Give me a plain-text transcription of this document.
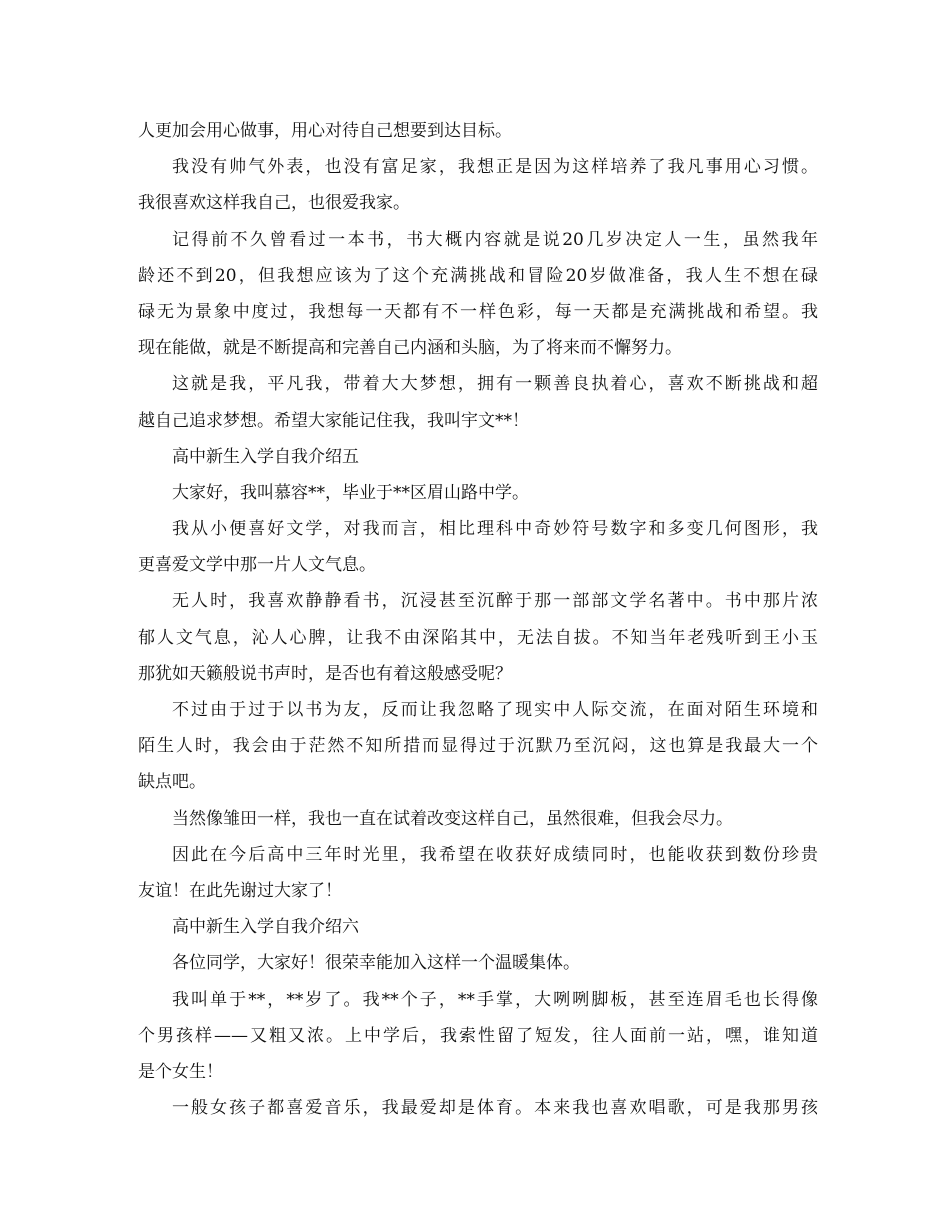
人更加会用心做事，用心对待自己想要到达目标。
我没有帅气外表，也没有富足家，我想正是因为这样培养了我凡事用心习惯。
我很喜欢这样我自己，也很爱我家。
记得前不久曾看过一本书，书大概内容就是说20几岁决定人一生，虽然我年
龄还不到20，但我想应该为了这个充满挑战和冒险20岁做准备，我人生不想在碌
碌无为景象中度过，我想每一天都有不一样色彩，每一天都是充满挑战和希望。我
现在能做，就是不断提高和完善自己内涵和头脑，为了将来而不懈努力。
这就是我，平凡我，带着大大梦想，拥有一颗善良执着心，喜欢不断挑战和超
越自己追求梦想。希望大家能记住我，我叫宇文**！
高中新生入学自我介绍五
大家好，我叫慕容**，毕业于**区眉山路中学。
我从小便喜好文学，对我而言，相比理科中奇妙符号数字和多变几何图形，我
更喜爱文学中那一片人文气息。
无人时，我喜欢静静看书，沉浸甚至沉醉于那一部部文学名著中。书中那片浓
郁人文气息，沁人心脾，让我不由深陷其中，无法自拔。不知当年老残听到王小玉
那犹如天籁般说书声时，是否也有着这般感受呢？
不过由于过于以书为友，反而让我忽略了现实中人际交流，在面对陌生环境和
陌生人时，我会由于茫然不知所措而显得过于沉默乃至沉闷，这也算是我最大一个
缺点吧。
当然像雏田一样，我也一直在试着改变这样自己，虽然很难，但我会尽力。
因此在今后高中三年时光里，我希望在收获好成绩同时，也能收获到数份珍贵
友谊！在此先谢过大家了！
高中新生入学自我介绍六
各位同学，大家好！很荣幸能加入这样一个温暖集体。
我叫单于**，**岁了。我**个子，**手掌，大咧咧脚板，甚至连眉毛也长得像
个男孩样——又粗又浓。上中学后，我索性留了短发，往人面前一站，嘿，谁知道
是个女生！
一般女孩子都喜爱音乐，我最爱却是体育。本来我也喜欢唱歌，可是我那男孩
